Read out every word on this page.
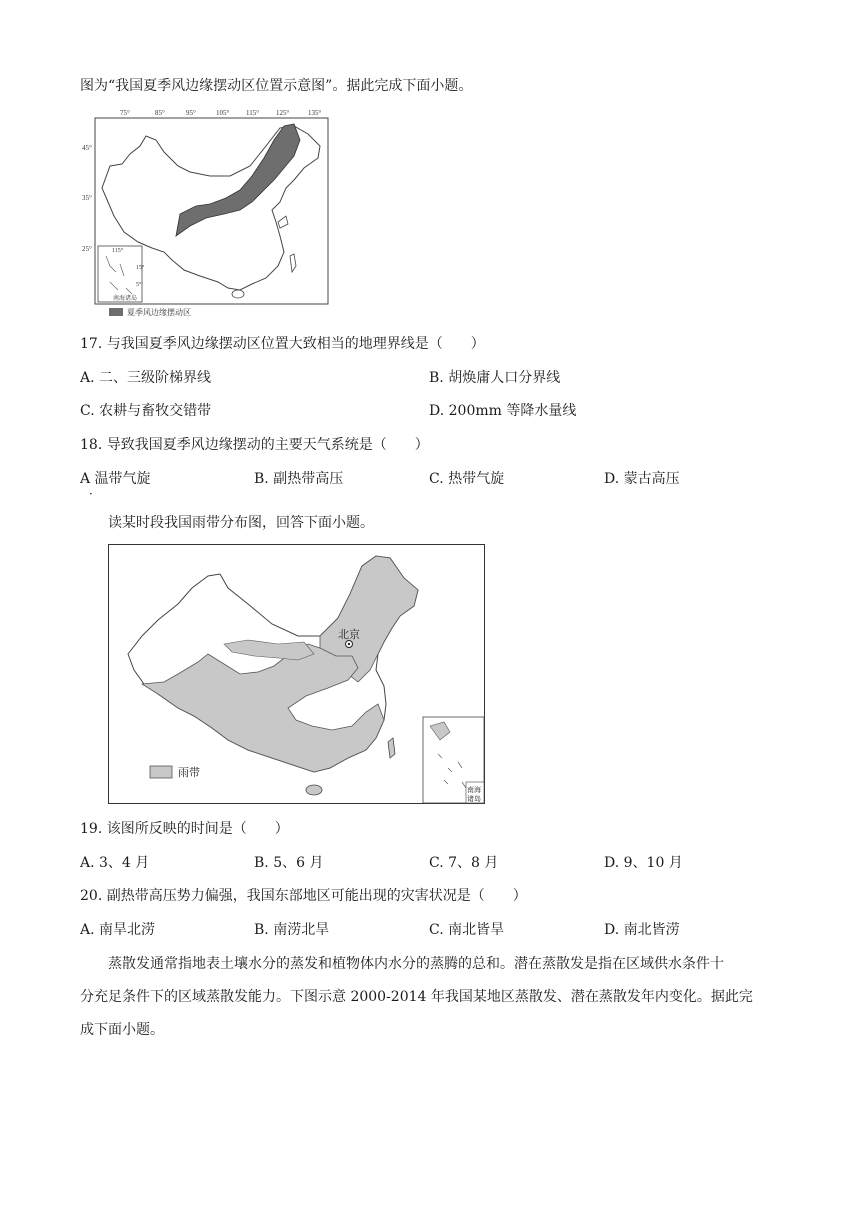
图为“我国夏季风边缘摆动区位置示意图”。据此完成下面小题。
75°	85°	95°	105° 115° 125°	135°
45°
35°
25°	115°
15°
5°
南海诸岛
夏季风边缘摆动区
17. 与我国夏季风边缘摆动区位置大致相当的地理界线是（　　）
A. 二、三级阶梯界线	B. 胡焕庸人口分界线
C. 农耕与畜牧交错带	D. 200mm 等降水量线
18. 导致我国夏季风边缘摆动的主要天气系统是（　　）
A 温带气旋
·
B. 副热带高压	C. 热带气旋	D. 蒙古高压
读某时段我国雨带分布图，回答下面小题。
北京
南海
诸岛
雨带
19. 该图所反映的时间是（　　）
A. 3、4 月	B. 5、6 月	C. 7、8 月	D. 9、10 月
20. 副热带高压势力偏强，我国东部地区可能出现的灾害状况是（　　）
A. 南旱北涝	B. 南涝北旱	C. 南北皆旱	D. 南北皆涝
蒸散发通常指地表土壤水分的蒸发和植物体内水分的蒸腾的总和。潜在蒸散发是指在区域供水条件十
分充足条件下的区域蒸散发能力。下图示意 2000-2014 年我国某地区蒸散发、潜在蒸散发年内变化。据此完
成下面小题。
